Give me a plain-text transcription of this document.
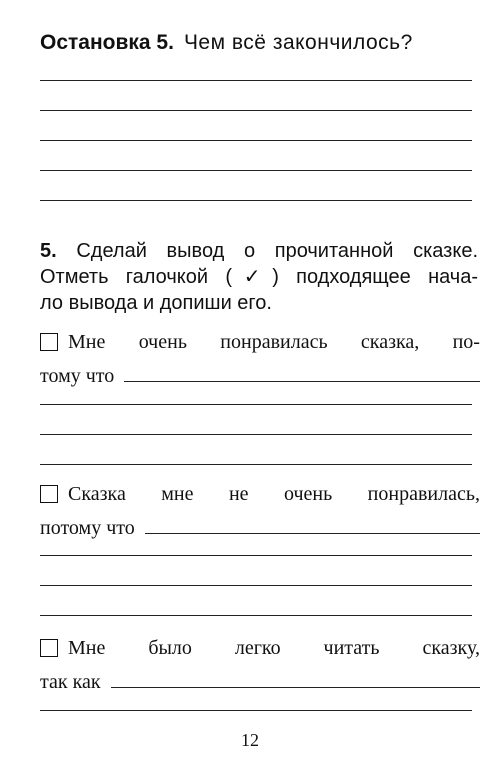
Остановка 5. Чем всё закончилось?
5. Сделай вывод о прочитанной сказке.
Отметь галочкой (✓) подходящее нача-
ло вывода и допиши его.
Мне очень понравилась сказка, по-
тому что
Сказка мне не очень понравилась,
потому что
Мне было легко читать сказку,
так как
12
